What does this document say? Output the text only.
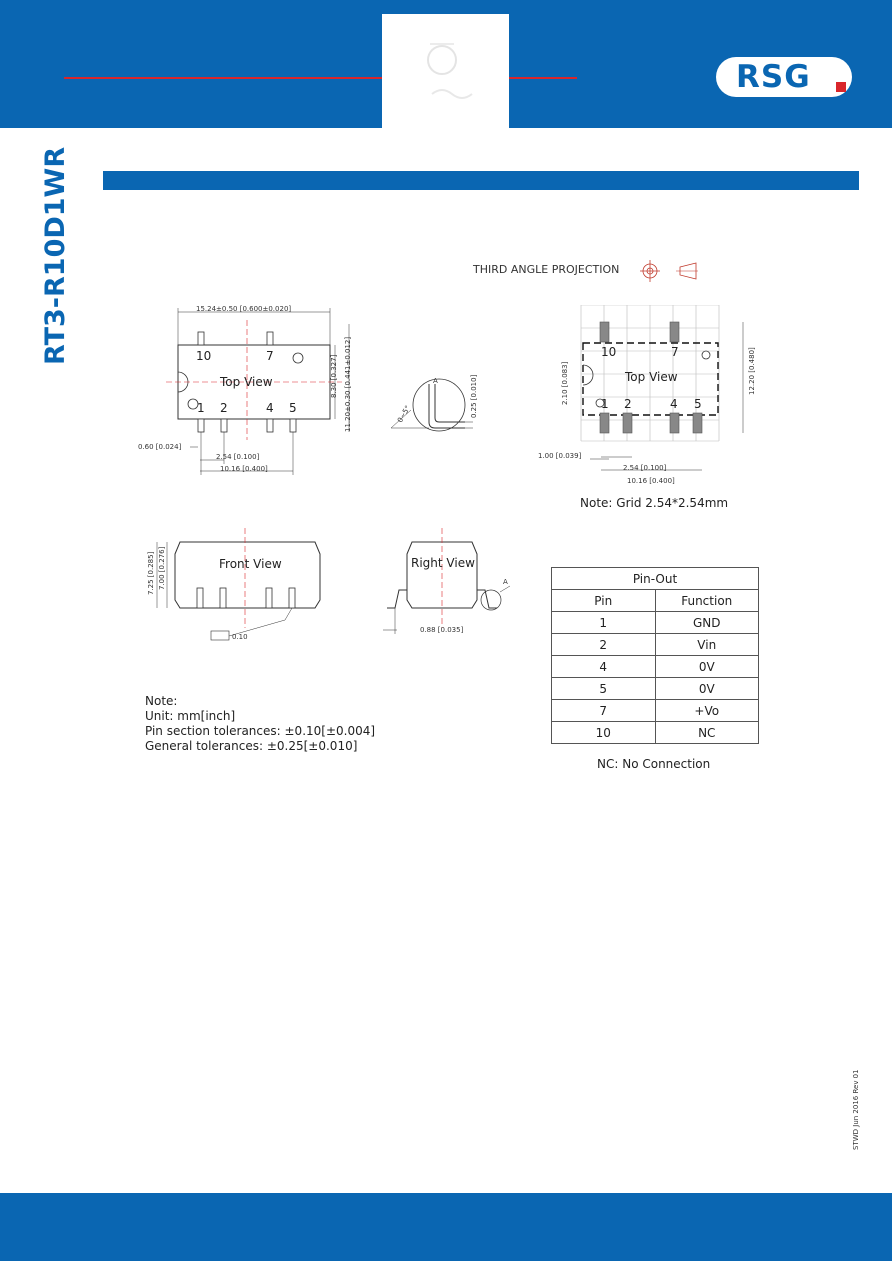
RSG
RT3-R10D1WR	THIRD ANGLE PROJECTION
15.24±0.50 [0.600±0.020]
10	7
Top View
1 2	4 5
0.60 [0.024]
2.54 [0.100]
10.16 [0.400]
8.30 [0.327] 11.20±0.30 [0.441±0.012]	A
0~5°	0.25 [0.010]
10	7
Top View
1 2	4 5
1.00 [0.039]
2.54 [0.100]
10.16 [0.400]
2.10 [0.083]	12.20 [0.480]
Note: Grid 2.54*2.54mm
Front View
7.25 [0.285] 7.00 [0.276]
0.10
Right View
A
0.88 [0.035]
Note:
Unit: mm[inch]
Pin section tolerances: ±0.10[±0.004]
General tolerances: ±0.25[±0.010]
Pin-Out	
Pin	Function
1	GND
2	Vin
4	0V
5	0V
7	+Vo
10	NC
NC: No Connection
STWD Jun 2016 Rev 01
